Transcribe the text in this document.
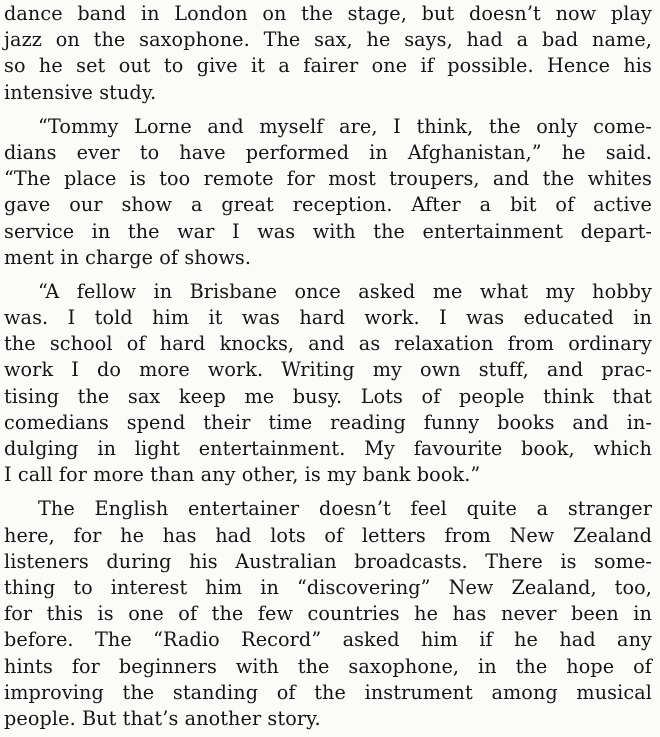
dance band in London on the stage, but doesn’t now play
jazz on the saxophone. The sax, he says, had a bad name,
so he set out to give it a fairer one if possible. Hence his
intensive study.

“Tommy Lorne and myself are, I think, the only come-
dians ever to have performed in Afghanistan,” he said.
“The place is too remote for most troupers, and the whites
gave our show a great reception. After a bit of active
service in the war I was with the entertainment depart-
ment in charge of shows.

“A fellow in Brisbane once asked me what my hobby
was. I told him it was hard work. I was educated in
the school of hard knocks, and as relaxation from ordinary
work I do more work. Writing my own stuff, and prac-
tising the sax keep me busy. Lots of people think that
comedians spend their time reading funny books and in-
dulging in light entertainment. My favourite book, which
I call for more than any other, is my bank book.”

The English entertainer doesn’t feel quite a stranger
here, for he has had lots of letters from New Zealand
listeners during his Australian broadcasts. There is some-
thing to interest him in “discovering” New Zealand, too,
for this is one of the few countries he has never been in
before. The “Radio Record” asked him if he had any
hints for beginners with the saxophone, in the hope of
improving the standing of the instrument among musical
people. But that’s another story.
